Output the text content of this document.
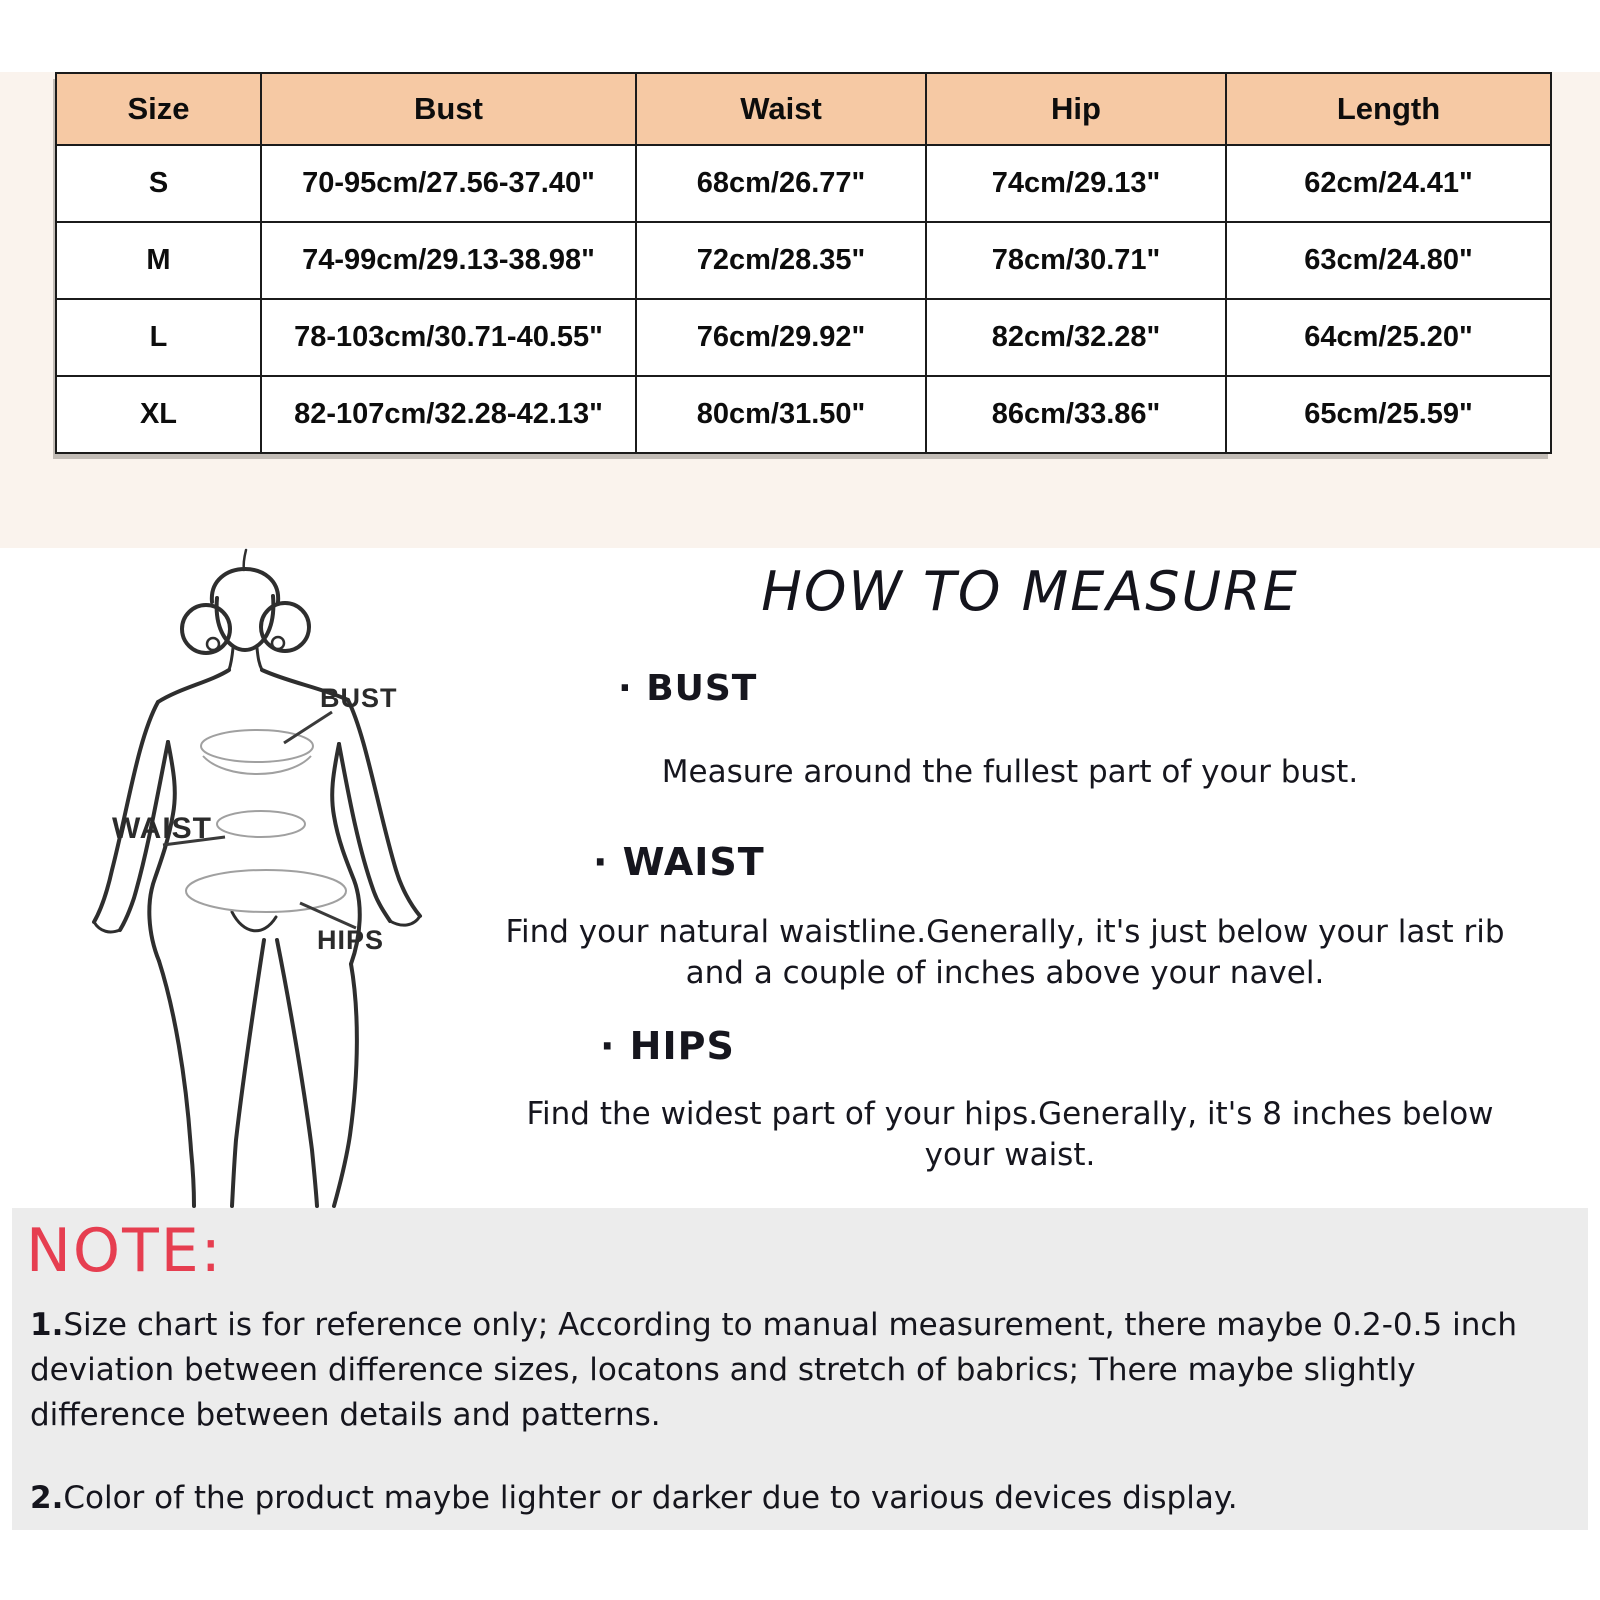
Size	Bust	Waist	Hip	Length
S	70-95cm/27.56-37.40"	68cm/26.77"	74cm/29.13"	62cm/24.41"
M	74-99cm/29.13-38.98"	72cm/28.35"	78cm/30.71"	63cm/24.80"
L	78-103cm/30.71-40.55"	76cm/29.92"	82cm/32.28"	64cm/25.20"
XL	82-107cm/32.28-42.13"	80cm/31.50"	86cm/33.86"	65cm/25.59"
BUST
WAIST
HIPS
HOW TO MEASURE
· BUST
Measure around the fullest part of your bust.
· WAIST
Find your natural waistline.Generally, it's just below your last rib and a couple of inches above your navel.
· HIPS
Find the widest part of your hips.Generally, it's 8 inches below your waist.
NOTE:
1.Size chart is for reference only; According to manual measurement, there maybe 0.2-0.5 inch deviation between difference sizes, locatons and stretch of babrics; There maybe slightly difference between details and patterns.
2.Color of the product maybe lighter or darker due to various devices display.
